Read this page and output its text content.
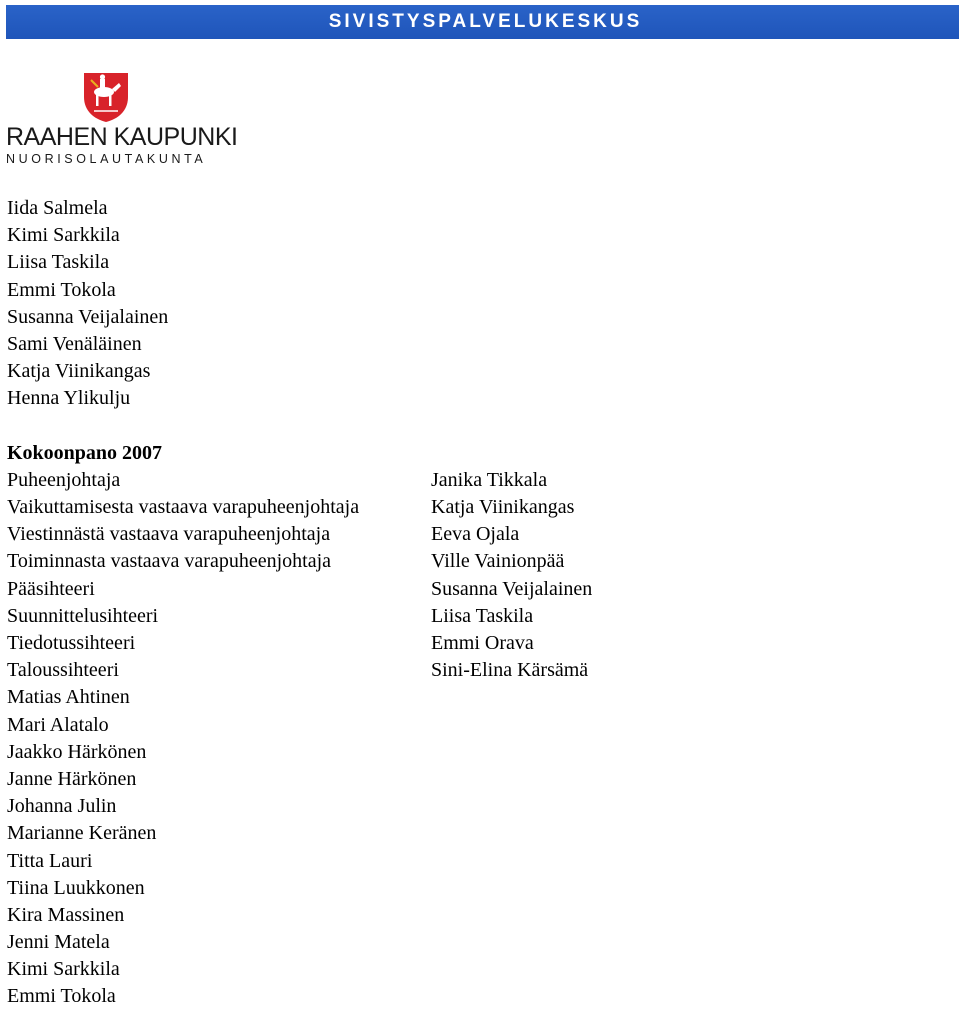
SIVISTYSPALVELUKESKUS
RAAHEN KAUPUNKI
NUORISOLAUTAKUNTA
Iida Salmela
Kimi Sarkkila
Liisa Taskila
Emmi Tokola
Susanna Veijalainen
Sami Venäläinen
Katja Viinikangas
Henna Ylikulju
Kokoonpano 2007
Puheenjohtaja	Janika Tikkala
Vaikuttamisesta vastaava varapuheenjohtaja	Katja Viinikangas
Viestinnästä vastaava varapuheenjohtaja	Eeva Ojala
Toiminnasta vastaava varapuheenjohtaja	Ville Vainionpää
Pääsihteeri	Susanna Veijalainen
Suunnittelusihteeri	Liisa Taskila
Tiedotussihteeri	Emmi Orava
Taloussihteeri	Sini-Elina Kärsämä
Matias Ahtinen
Mari Alatalo
Jaakko Härkönen
Janne Härkönen
Johanna Julin
Marianne Keränen
Titta Lauri
Tiina Luukkonen
Kira Massinen
Jenni Matela
Kimi Sarkkila
Emmi Tokola
